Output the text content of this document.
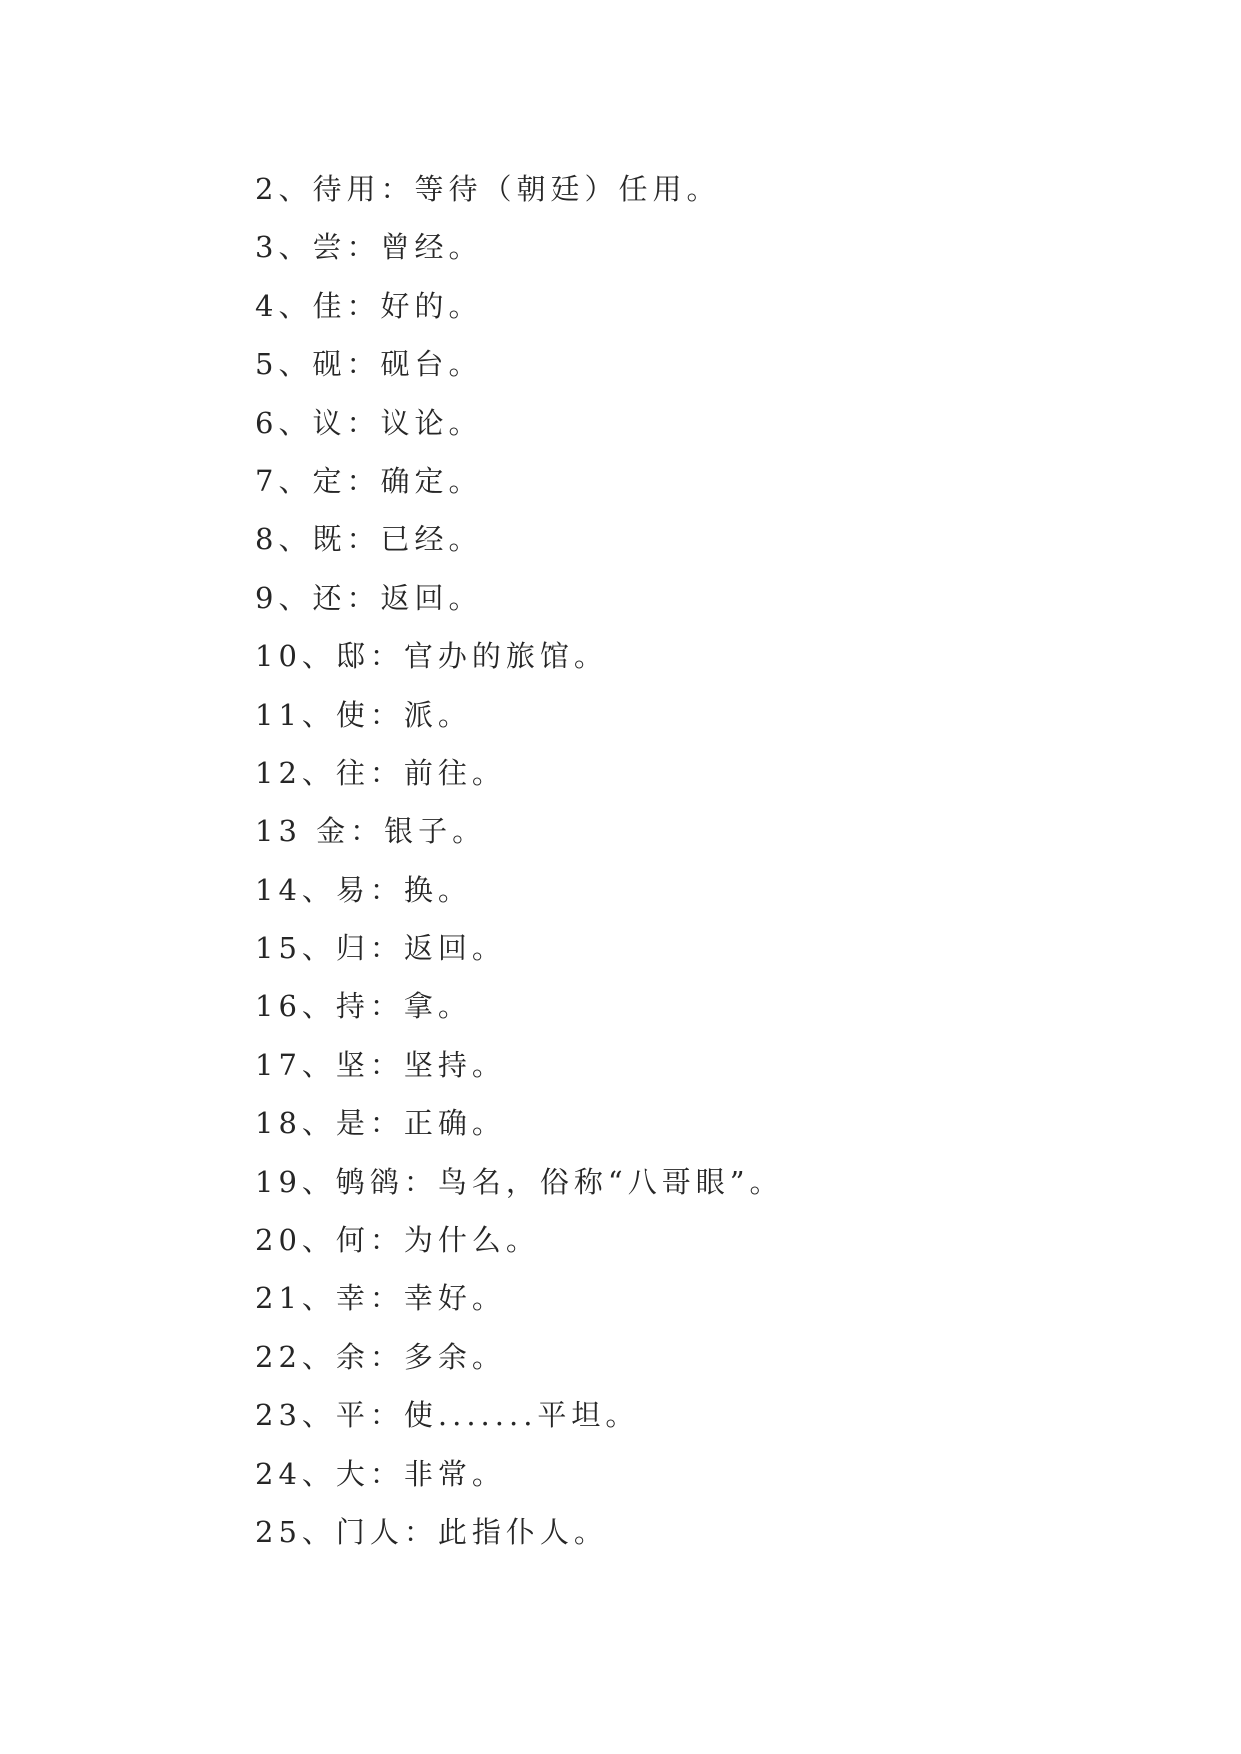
2、待用：等待（朝廷）任用。
3、尝：曾经。
4、佳：好的。
5、砚：砚台。
6、议：议论。
7、定：确定。
8、既：已经。
9、还：返回。
10、邸：官办的旅馆。
11、使：派。
12、往：前往。
13 金：银子。
14、易：换。
15、归：返回。
16、持：拿。
17、坚：坚持。
18、是：正确。
19、鸲鹆：鸟名，俗称“八哥眼”。
20、何：为什么。
21、幸：幸好。
22、余：多余。
23、平：使.......平坦。
24、大：非常。
25、门人：此指仆人。
